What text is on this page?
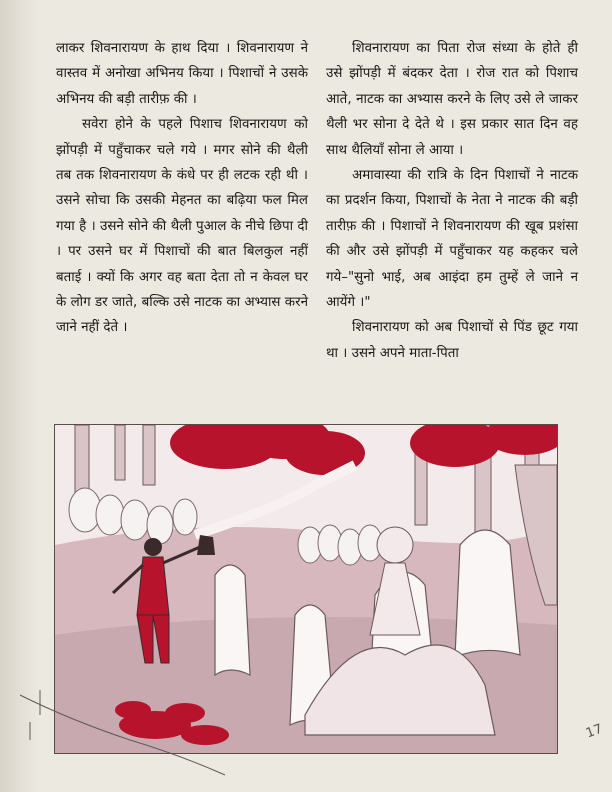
लाकर शिवनारायण के हाथ दिया । शिवनारायण ने वास्तव में अनोखा अभिनय किया । पिशाचों ने उसके अभिनय की बड़ी तारीफ़ की ।

सवेरा होने के पहले पिशाच शिवनारायण को झोंपड़ी में पहुँचाकर चले गये । मगर सोने की थैली तब तक शिवनारायण के कंधे पर ही लटक रही थी । उसने सोचा कि उसकी मेहनत का बढ़िया फल मिल गया है । उसने सोने की थैली पुआल के नीचे छिपा दी । पर उसने घर में पिशाचों की बात बिलकुल नहीं बताई । क्यों कि अगर वह बता देता तो न केवल घर के लोग डर जाते, बल्कि उसे नाटक का अभ्यास करने जाने नहीं देते ।

शिवनारायण का पिता रोज संध्या के होते ही उसे झोंपड़ी में बंदकर देता । रोज रात को पिशाच आते, नाटक का अभ्यास करने के लिए उसे ले जाकर थैली भर सोना दे देते थे । इस प्रकार सात दिन वह साथ थैलियाँ सोना ले आया ।

अमावास्या की रात्रि के दिन पिशाचों ने नाटक का प्रदर्शन किया, पिशाचों के नेता ने नाटक की बड़ी तारीफ़ की । पिशाचों ने शिवनारायण की खूब प्रशंसा की और उसे झोंपड़ी में पहुँचाकर यह कहकर चले गये–"सुनो भाई, अब आइंदा हम तुम्हें ले जाने न आयेंगे ।"

शिवनारायण को अब पिशाचों से पिंड छूट गया था । उसने अपने माता-पिता

17
